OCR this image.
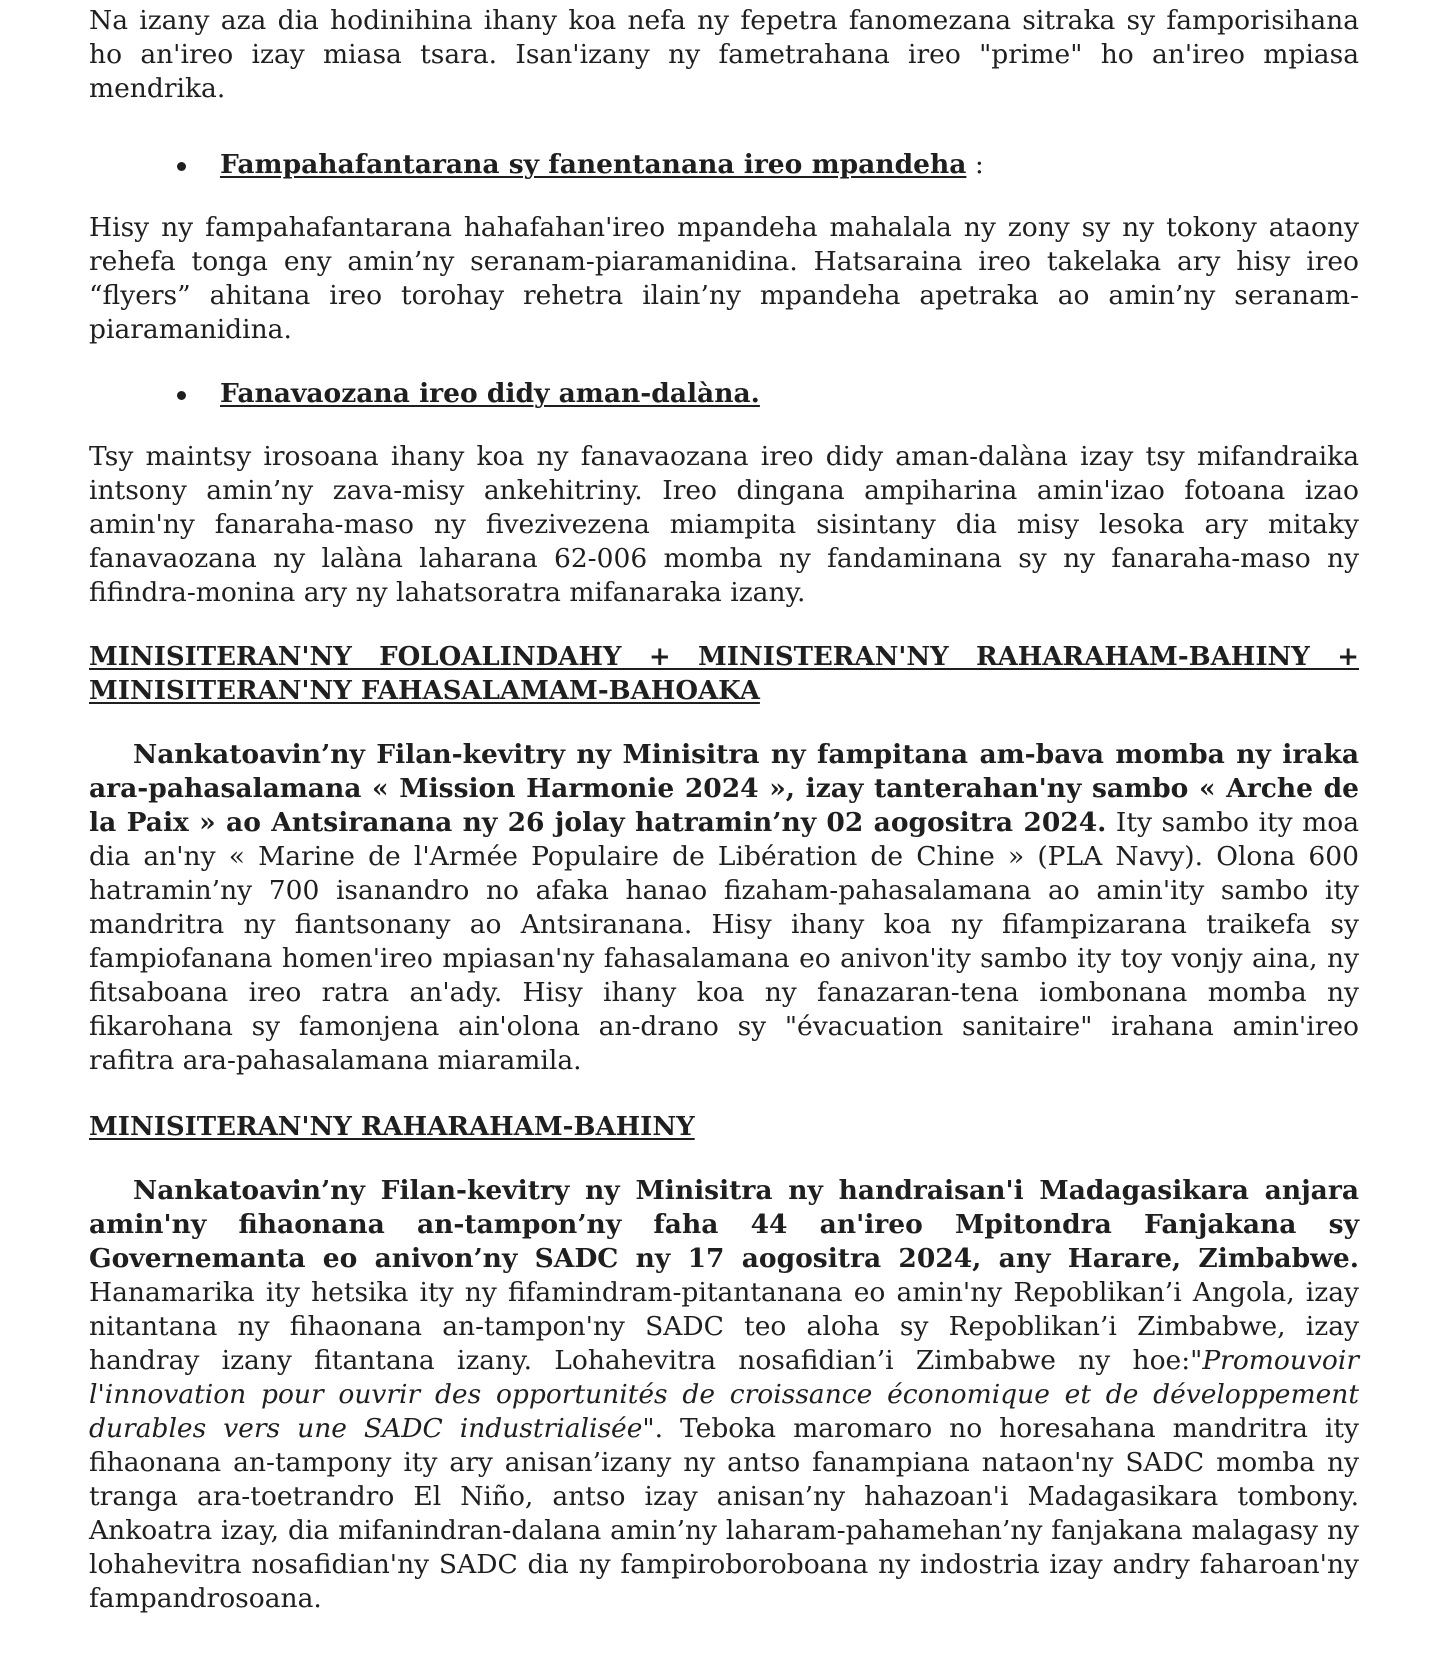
Na izany aza dia hodinihina ihany koa nefa ny fepetra fanomezana sitraka sy famporisihana ho an'ireo izay miasa tsara. Isan'izany ny fametrahana ireo "prime" ho an'ireo mpiasa mendrika.

Fampahafantarana sy fanentanana ireo mpandeha :

Hisy ny fampahafantarana hahafahan'ireo mpandeha mahalala ny zony sy ny tokony ataony rehefa tonga eny amin’ny seranam-piaramanidina. Hatsaraina ireo takelaka ary hisy ireo “flyers” ahitana ireo torohay rehetra ilain’ny mpandeha apetraka ao amin’ny seranam-piaramanidina.

Fanavaozana ireo didy aman-dalàna.

Tsy maintsy irosoana ihany koa ny fanavaozana ireo didy aman-dalàna izay tsy mifandraika intsony amin’ny zava-misy ankehitriny. Ireo dingana ampiharina amin'izao fotoana izao amin'ny fanaraha-maso ny fivezivezena miampita sisintany dia misy lesoka ary mitaky fanavaozana ny lalàna laharana 62-006 momba ny fandaminana sy ny fanaraha-maso ny fifindra-monina ary ny lahatsoratra mifanaraka izany.

MINISITERAN'NY FOLOALINDAHY + MINISTERAN'NY RAHARAHAM-BAHINY + MINISITERAN'NY FAHASALAMAM-BAHOAKA

Nankatoavin’ny Filan-kevitry ny Minisitra ny fampitana am-bava momba ny iraka ara-pahasalamana « Mission Harmonie 2024 », izay tanterahan'ny sambo « Arche de la Paix » ao Antsiranana ny 26 jolay hatramin’ny 02 aogositra 2024. Ity sambo ity moa dia an'ny « Marine de l'Armée Populaire de Libération de Chine » (PLA Navy). Olona 600 hatramin’ny 700 isanandro no afaka hanao fizaham-pahasalamana ao amin'ity sambo ity mandritra ny fiantsonany ao Antsiranana. Hisy ihany koa ny fifampizarana traikefa sy fampiofanana homen'ireo mpiasan'ny fahasalamana eo anivon'ity sambo ity toy vonjy aina, ny fitsaboana ireo ratra an'ady. Hisy ihany koa ny fanazaran-tena iombonana momba ny fikarohana sy famonjena ain'olona an-drano sy "évacuation sanitaire" irahana amin'ireo rafitra ara-pahasalamana miaramila.

MINISITERAN'NY RAHARAHAM-BAHINY

Nankatoavin’ny Filan-kevitry ny Minisitra ny handraisan'i Madagasikara anjara amin'ny fihaonana an-tampon’ny faha 44 an'ireo Mpitondra Fanjakana sy Governemanta eo anivon’ny SADC ny 17 aogositra 2024, any Harare, Zimbabwe. Hanamarika ity hetsika ity ny fifamindram-pitantanana eo amin'ny Repoblikan’i Angola, izay nitantana ny fihaonana an-tampon'ny SADC teo aloha sy Repoblikan’i Zimbabwe, izay handray izany fitantana izany. Lohahevitra nosafidian’i Zimbabwe ny hoe:"Promouvoir l'innovation pour ouvrir des opportunités de croissance économique et de développement durables vers une SADC industrialisée". Teboka maromaro no horesahana mandritra ity fihaonana an-tampony ity ary anisan’izany ny antso fanampiana nataon'ny SADC momba ny tranga ara-toetrandro El Niño, antso izay anisan’ny hahazoan'i Madagasikara tombony. Ankoatra izay, dia mifanindran-dalana amin’ny laharam-pahamehan’ny fanjakana malagasy ny lohahevitra nosafidian'ny SADC dia ny fampiroboroboana ny indostria izay andry faharoan'ny fampandrosoana.
